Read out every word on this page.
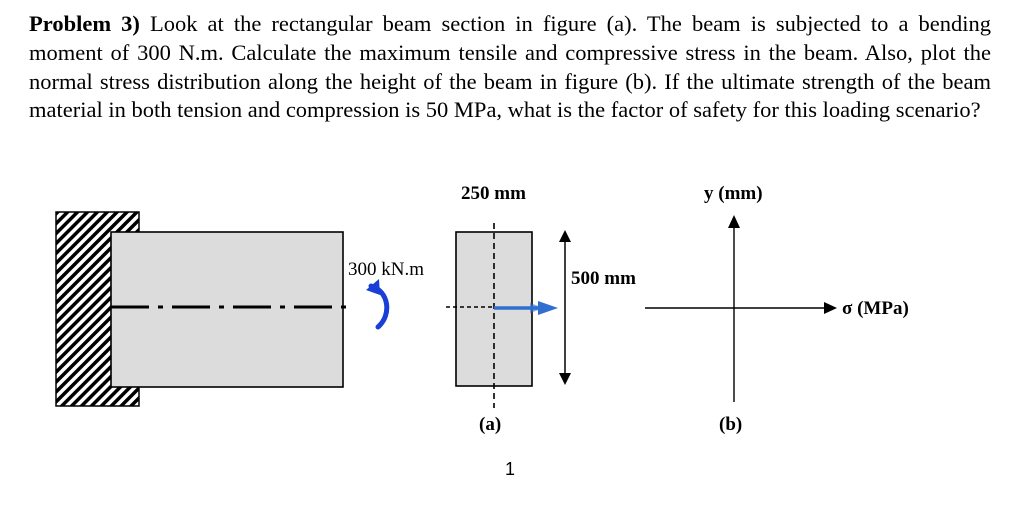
Problem 3) Look at the rectangular beam section in figure (a). The beam is subjected to a bending moment of 300 N.m. Calculate the maximum tensile and compressive stress in the beam. Also, plot the normal stress distribution along the height of the beam in figure (b). If the ultimate strength of the beam material in both tension and compression is 50 MPa, what is the factor of safety for this loading scenario?

300 kN.m
250 mm
500 mm
(a)
1
y (mm)
σ (MPa)
(b)
